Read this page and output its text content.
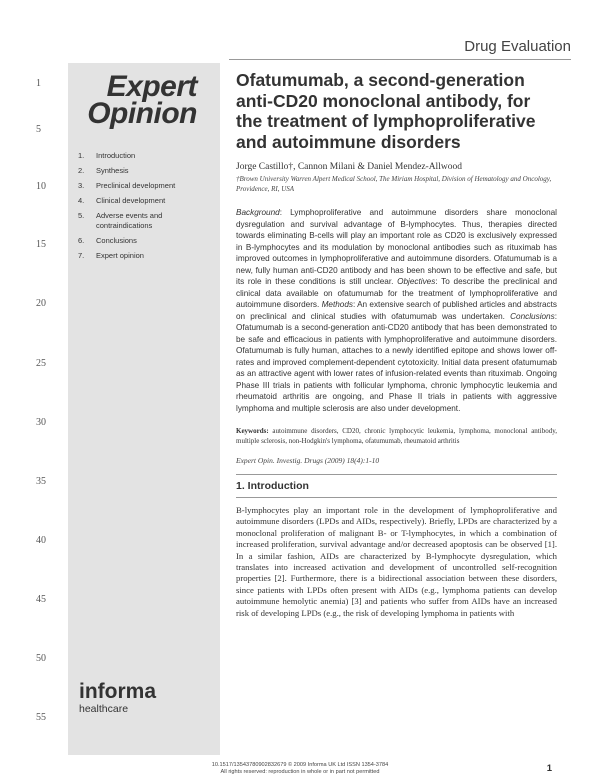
Drug Evaluation
1
5
10
15
20
25
30
35
40
45
50
55
Expert
Opinion
1. Introduction
2. Synthesis
3. Preclinical development
4. Clinical development
5. Adverse events and contraindications
6. Conclusions
7. Expert opinion
informa
healthcare
Ofatumumab, a second-generation anti-CD20 monoclonal antibody, for the treatment of lymphoproliferative and autoimmune disorders
Jorge Castillo†, Cannon Milani & Daniel Mendez-Allwood
†Brown University Warren Alpert Medical School, The Miriam Hospital, Division of Hematology and Oncology, Providence, RI, USA
Background: Lymphoproliferative and autoimmune disorders share monoclonal dysregulation and survival advantage of B-lymphocytes. Thus, therapies directed towards eliminating B-cells will play an important role as CD20 is exclusively expressed in B-lymphocytes and its modulation by monoclonal antibodies such as rituximab has improved outcomes in lymphoproliferative and autoimmune disorders. Ofatumumab is a new, fully human anti-CD20 antibody and has been shown to be effective and safe, but its role in these conditions is still unclear. Objectives: To describe the preclinical and clinical data available on ofatumumab for the treatment of lymphoproliferative and autoimmune disorders. Methods: An extensive search of published articles and abstracts on preclinical and clinical studies with ofatumumab was undertaken. Conclusions: Ofatumumab is a second-generation anti-CD20 antibody that has been demonstrated to be safe and efficacious in patients with lymphoproliferative and autoimmune disorders. Ofatumumab is fully human, attaches to a newly identified epitope and shows lower off-rates and improved complement-dependent cytotoxicity. Initial data present ofatumumab as an attractive agent with lower rates of infusion-related events than rituximab. Ongoing Phase III trials in patients with follicular lymphoma, chronic lymphocytic leukemia and rheumatoid arthritis are ongoing, and Phase II trials in patients with aggressive lymphoma and multiple sclerosis are also under development.
Keywords: autoimmune disorders, CD20, chronic lymphocytic leukemia, lymphoma, monoclonal antibody, multiple sclerosis, non-Hodgkin's lymphoma, ofatumumab, rheumatoid arthritis
Expert Opin. Investig. Drugs (2009) 18(4):1-10
1. Introduction
B-lymphocytes play an important role in the development of lymphoproliferative and autoimmune disorders (LPDs and AIDs, respectively). Briefly, LPDs are characterized by a monoclonal proliferation of malignant B- or T-lymphocytes, in which a combination of increased proliferation, survival advantage and/or decreased apoptosis can be observed [1]. In a similar fashion, AIDs are characterized by B-lymphocyte dysregulation, which translates into increased activation and development of uncontrolled self-recognition properties [2]. Furthermore, there is a bidirectional association between these disorders, since patients with LPDs often present with AIDs (e.g., lymphoma patients can develop autoimmune hemolytic anemia) [3] and patients who suffer from AIDs have an increased risk of developing LPDs (e.g., the risk of developing lymphoma in patients with
10.1517/13543780902832679 © 2009 Informa UK Ltd ISSN 1354-3784
All rights reserved: reproduction in whole or in part not permitted	1
